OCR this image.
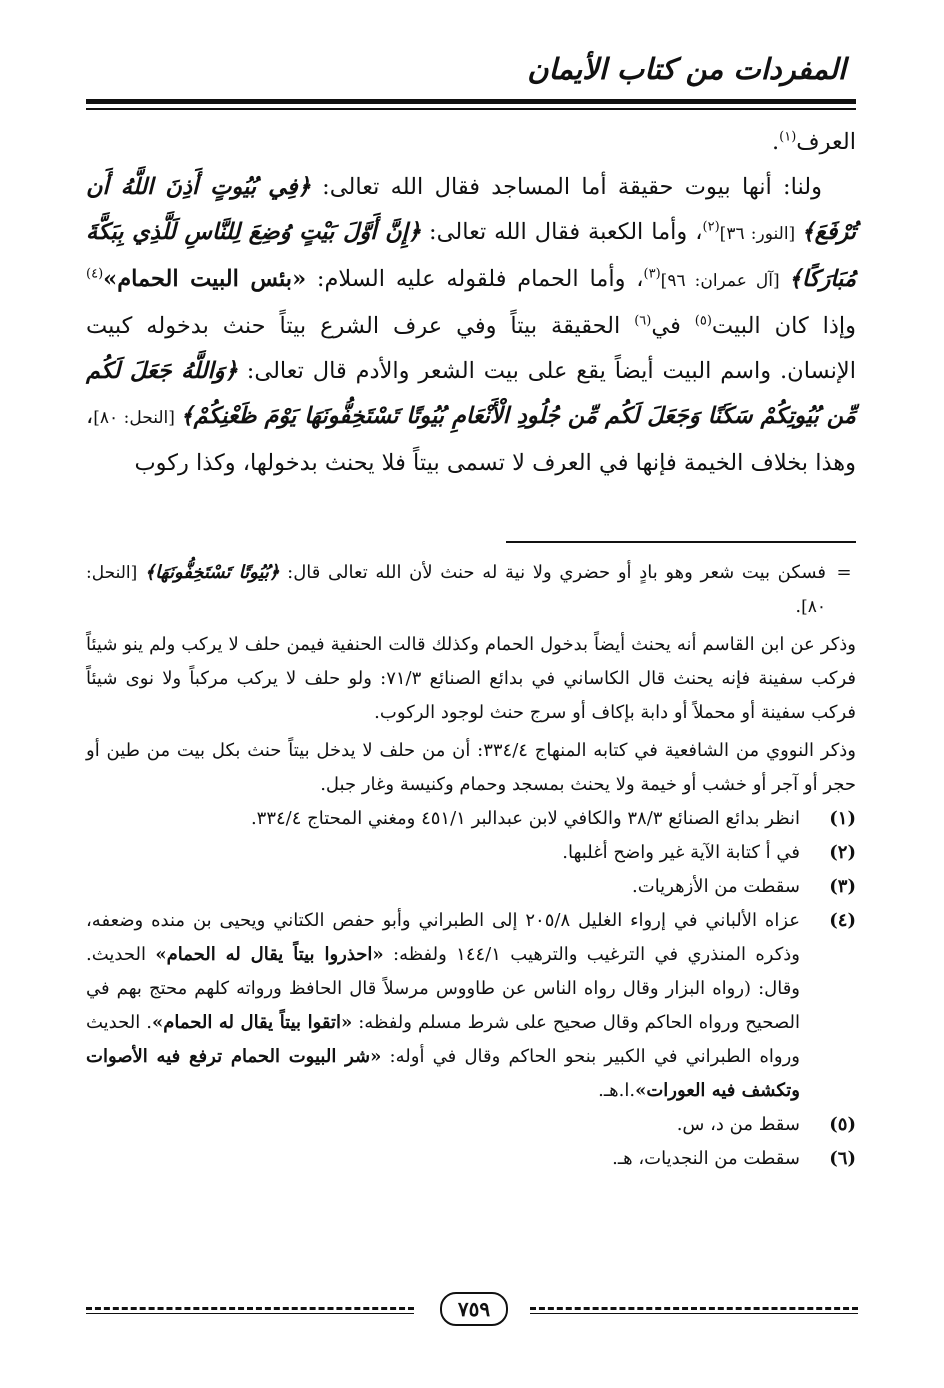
المفردات من كتاب الأيمان

العرف$^{(١)}$.

ولنا: أنها بيوت حقيقة أما المساجد فقال الله تعالى: ﴿فِي بُيُوتٍ أَذِنَ اللَّهُ أَن تُرْفَعَ﴾ [النور: ٣٦]$^{(٢)}$، وأما الكعبة فقال الله تعالى: ﴿إِنَّ أَوَّلَ بَيْتٍ وُضِعَ لِلنَّاسِ لَلَّذِي بِبَكَّةَ مُبَارَكًا﴾ [آل عمران: ٩٦]$^{(٣)}$، وأما الحمام فلقوله عليه السلام: «بئس البيت الحمام»$^{(٤)}$ وإذا كان البيت$^{(٥)}$ في$^{(٦)}$ الحقيقة بيتاً وفي عرف الشرع بيتاً حنث بدخوله كبيت الإنسان. واسم البيت أيضاً يقع على بيت الشعر والأدم قال تعالى: ﴿وَاللَّهُ جَعَلَ لَكُم مِّن بُيُوتِكُمْ سَكَنًا وَجَعَلَ لَكُم مِّن جُلُودِ الْأَنْعَامِ بُيُوتًا تَسْتَخِفُّونَهَا يَوْمَ ظَعْنِكُمْ﴾ [النحل: ٨٠]، وهذا بخلاف الخيمة فإنها في العرف لا تسمى بيتاً فلا يحنث بدخولها، وكذا ركوب

=
فسكن بيت شعر وهو بادٍ أو حضري ولا نية له حنث لأن الله تعالى قال: ﴿بُيُوتًا تَسْتَخِفُّونَهَا﴾ [النحل: ٨٠].
وذكر عن ابن القاسم أنه يحنث أيضاً بدخول الحمام وكذلك قالت الحنفية فيمن حلف لا يركب ولم ينو شيئاً فركب سفينة فإنه يحنث قال الكاساني في بدائع الصنائع ٧١/٣: ولو حلف لا يركب مركباً ولا نوى شيئاً فركب سفينة أو محملاً أو دابة بإكاف أو سرج حنث لوجود الركوب.
وذكر النووي من الشافعية في كتابه المنهاج ٣٣٤/٤: أن من حلف لا يدخل بيتاً حنث بكل بيت من طين أو حجر أو آجر أو خشب أو خيمة ولا يحنث بمسجد وحمام وكنيسة وغار جبل.
(١)
انظر بدائع الصنائع ٣٨/٣ والكافي لابن عبدالبر ٤٥١/١ ومغني المحتاج ٣٣٤/٤.
(٢)
في أ كتابة الآية غير واضح أغلبها.
(٣)
سقطت من الأزهريات.
(٤)
عزاه الألباني في إرواء الغليل ٢٠٥/٨ إلى الطبراني وأبو حفص الكتاني ويحيى بن منده وضعفه، وذكره المنذري في الترغيب والترهيب ١٤٤/١ ولفظه: «احذروا بيتاً يقال له الحمام» الحديث. وقال: (رواه البزار وقال رواه الناس عن طاووس مرسلاً قال الحافظ ورواته كلهم محتج بهم في الصحيح ورواه الحاكم وقال صحيح على شرط مسلم ولفظه: «اتقوا بيتاً يقال له الحمام». الحديث ورواه الطبراني في الكبير بنحو الحاكم وقال في أوله: «شر البيوت الحمام ترفع فيه الأصوات وتكشف فيه العورات».ا.هـ.
(٥)
سقط من د، س.
(٦)
سقطت من النجديات، هـ.
٧٥٩
